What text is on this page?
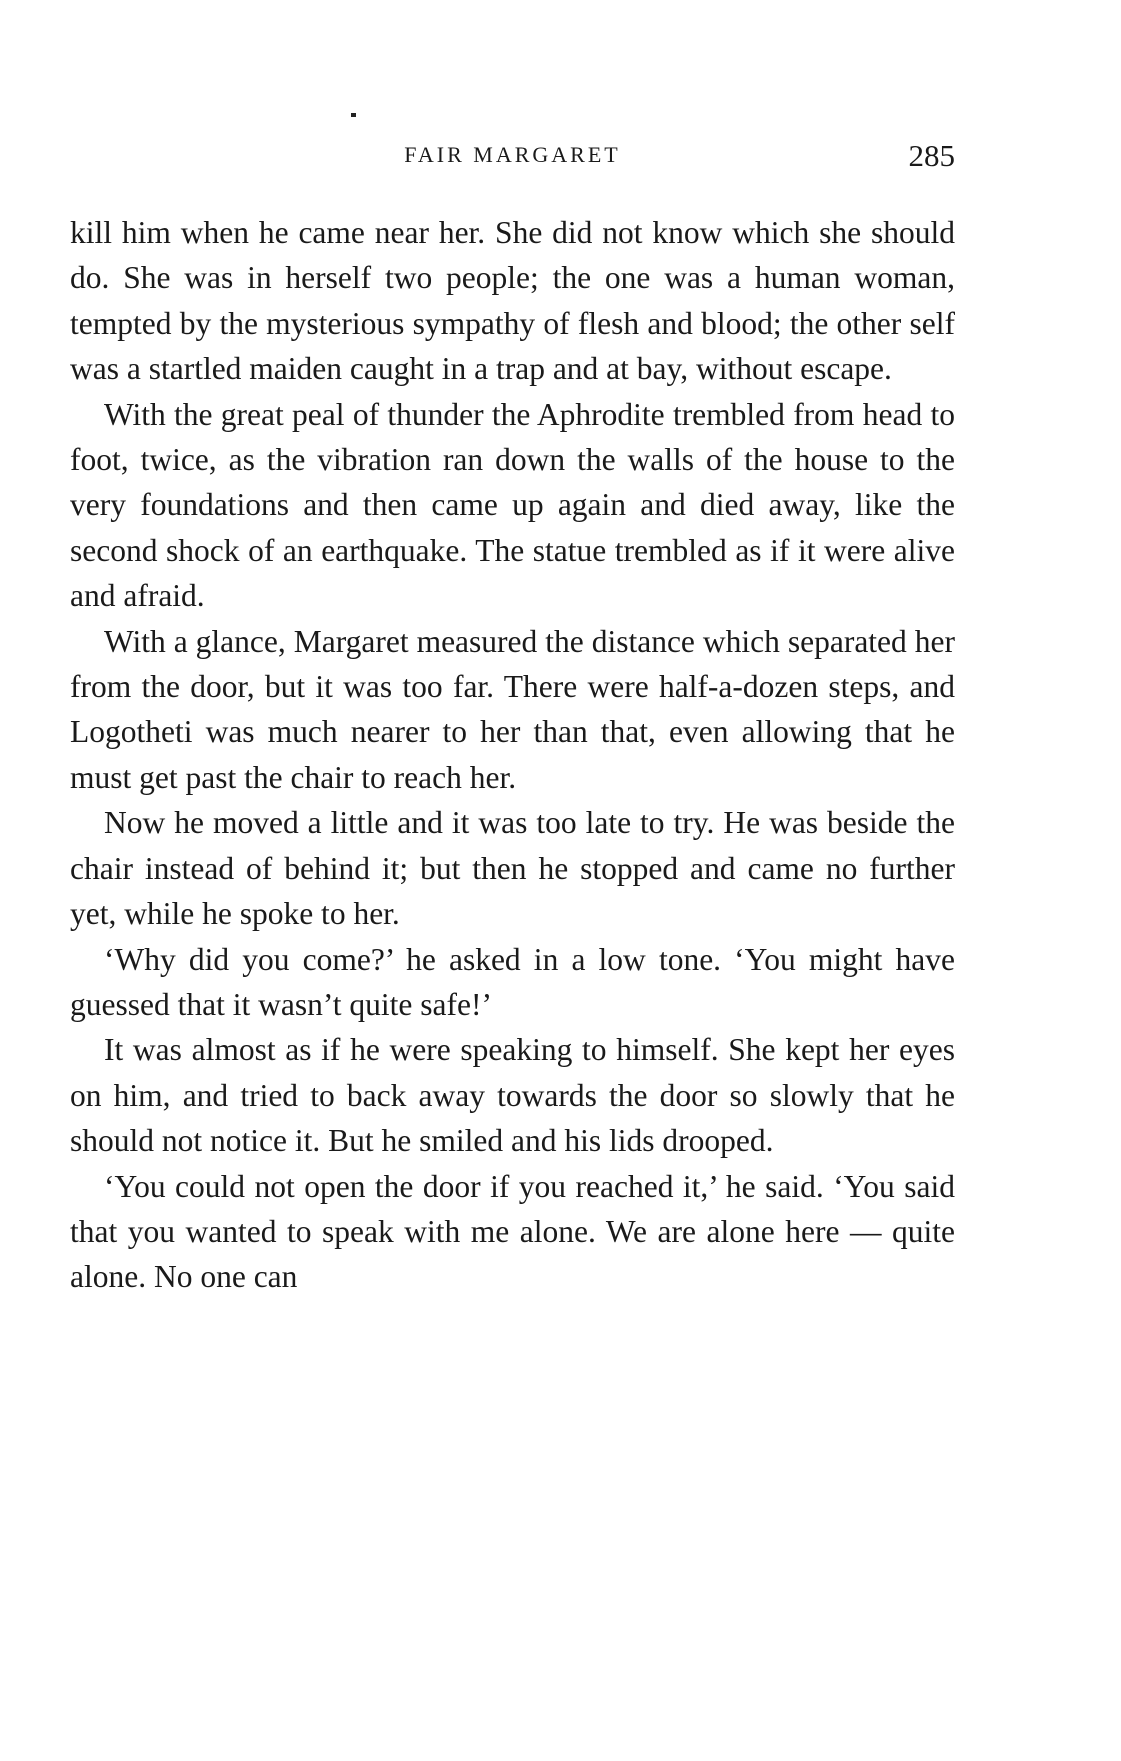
FAIR MARGARET	285

kill him when he came near her. She did not know which she should do. She was in herself two people; the one was a human woman, tempted by the mysterious sympathy of flesh and blood; the other self was a startled maiden caught in a trap and at bay, without escape.

With the great peal of thunder the Aphrodite trembled from head to foot, twice, as the vibration ran down the walls of the house to the very foundations and then came up again and died away, like the second shock of an earthquake. The statue trembled as if it were alive and afraid.

With a glance, Margaret measured the distance which separated her from the door, but it was too far. There were half-a-dozen steps, and Logotheti was much nearer to her than that, even allowing that he must get past the chair to reach her.

Now he moved a little and it was too late to try. He was beside the chair instead of behind it; but then he stopped and came no further yet, while he spoke to her.

‘Why did you come?’ he asked in a low tone. ‘You might have guessed that it wasn’t quite safe!’

It was almost as if he were speaking to himself. She kept her eyes on him, and tried to back away towards the door so slowly that he should not notice it. But he smiled and his lids drooped.

‘You could not open the door if you reached it,’ he said. ‘You said that you wanted to speak with me alone. We are alone here — quite alone. No one can
